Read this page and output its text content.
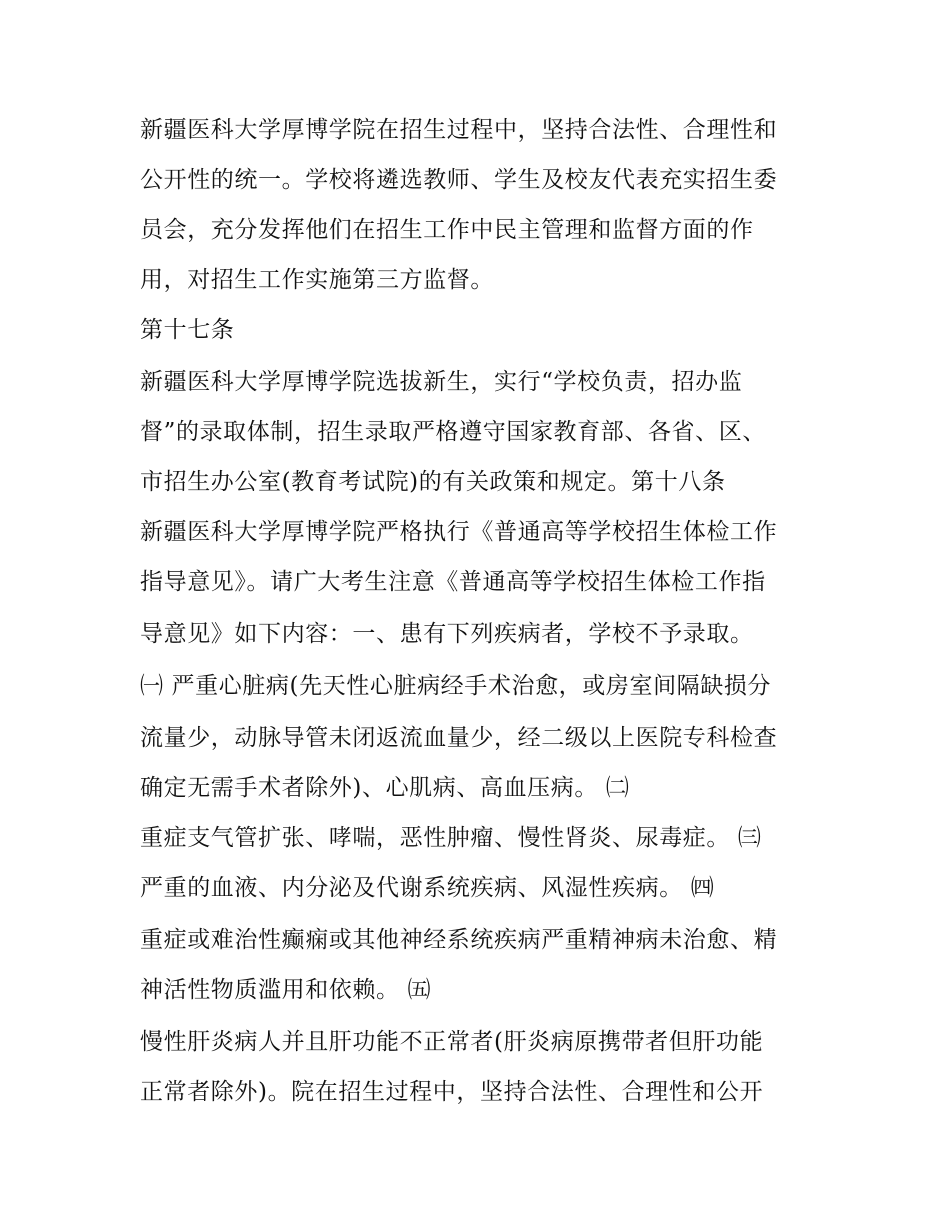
新疆医科大学厚博学院在招生过程中，坚持合法性、合理性和
公开性的统一。学校将遴选教师、学生及校友代表充实招生委
员会，充分发挥他们在招生工作中民主管理和监督方面的作
用，对招生工作实施第三方监督。
第十七条
新疆医科大学厚博学院选拔新生，实行“学校负责，招办监
督”的录取体制，招生录取严格遵守国家教育部、各省、区、
市招生办公室(教育考试院)的有关政策和规定。第十八条
新疆医科大学厚博学院严格执行《普通高等学校招生体检工作
指导意见》。请广大考生注意《普通高等学校招生体检工作指
导意见》如下内容：一、患有下列疾病者，学校不予录取。
㈠ 严重心脏病(先天性心脏病经手术治愈，或房室间隔缺损分
流量少，动脉导管未闭返流血量少，经二级以上医院专科检查
确定无需手术者除外)、心肌病、高血压病。 ㈡
重症支气管扩张、哮喘，恶性肿瘤、慢性肾炎、尿毒症。 ㈢
严重的血液、内分泌及代谢系统疾病、风湿性疾病。 ㈣
重症或难治性癫痫或其他神经系统疾病严重精神病未治愈、精
神活性物质滥用和依赖。 ㈤
慢性肝炎病人并且肝功能不正常者(肝炎病原携带者但肝功能
正常者除外)。院在招生过程中，坚持合法性、合理性和公开
